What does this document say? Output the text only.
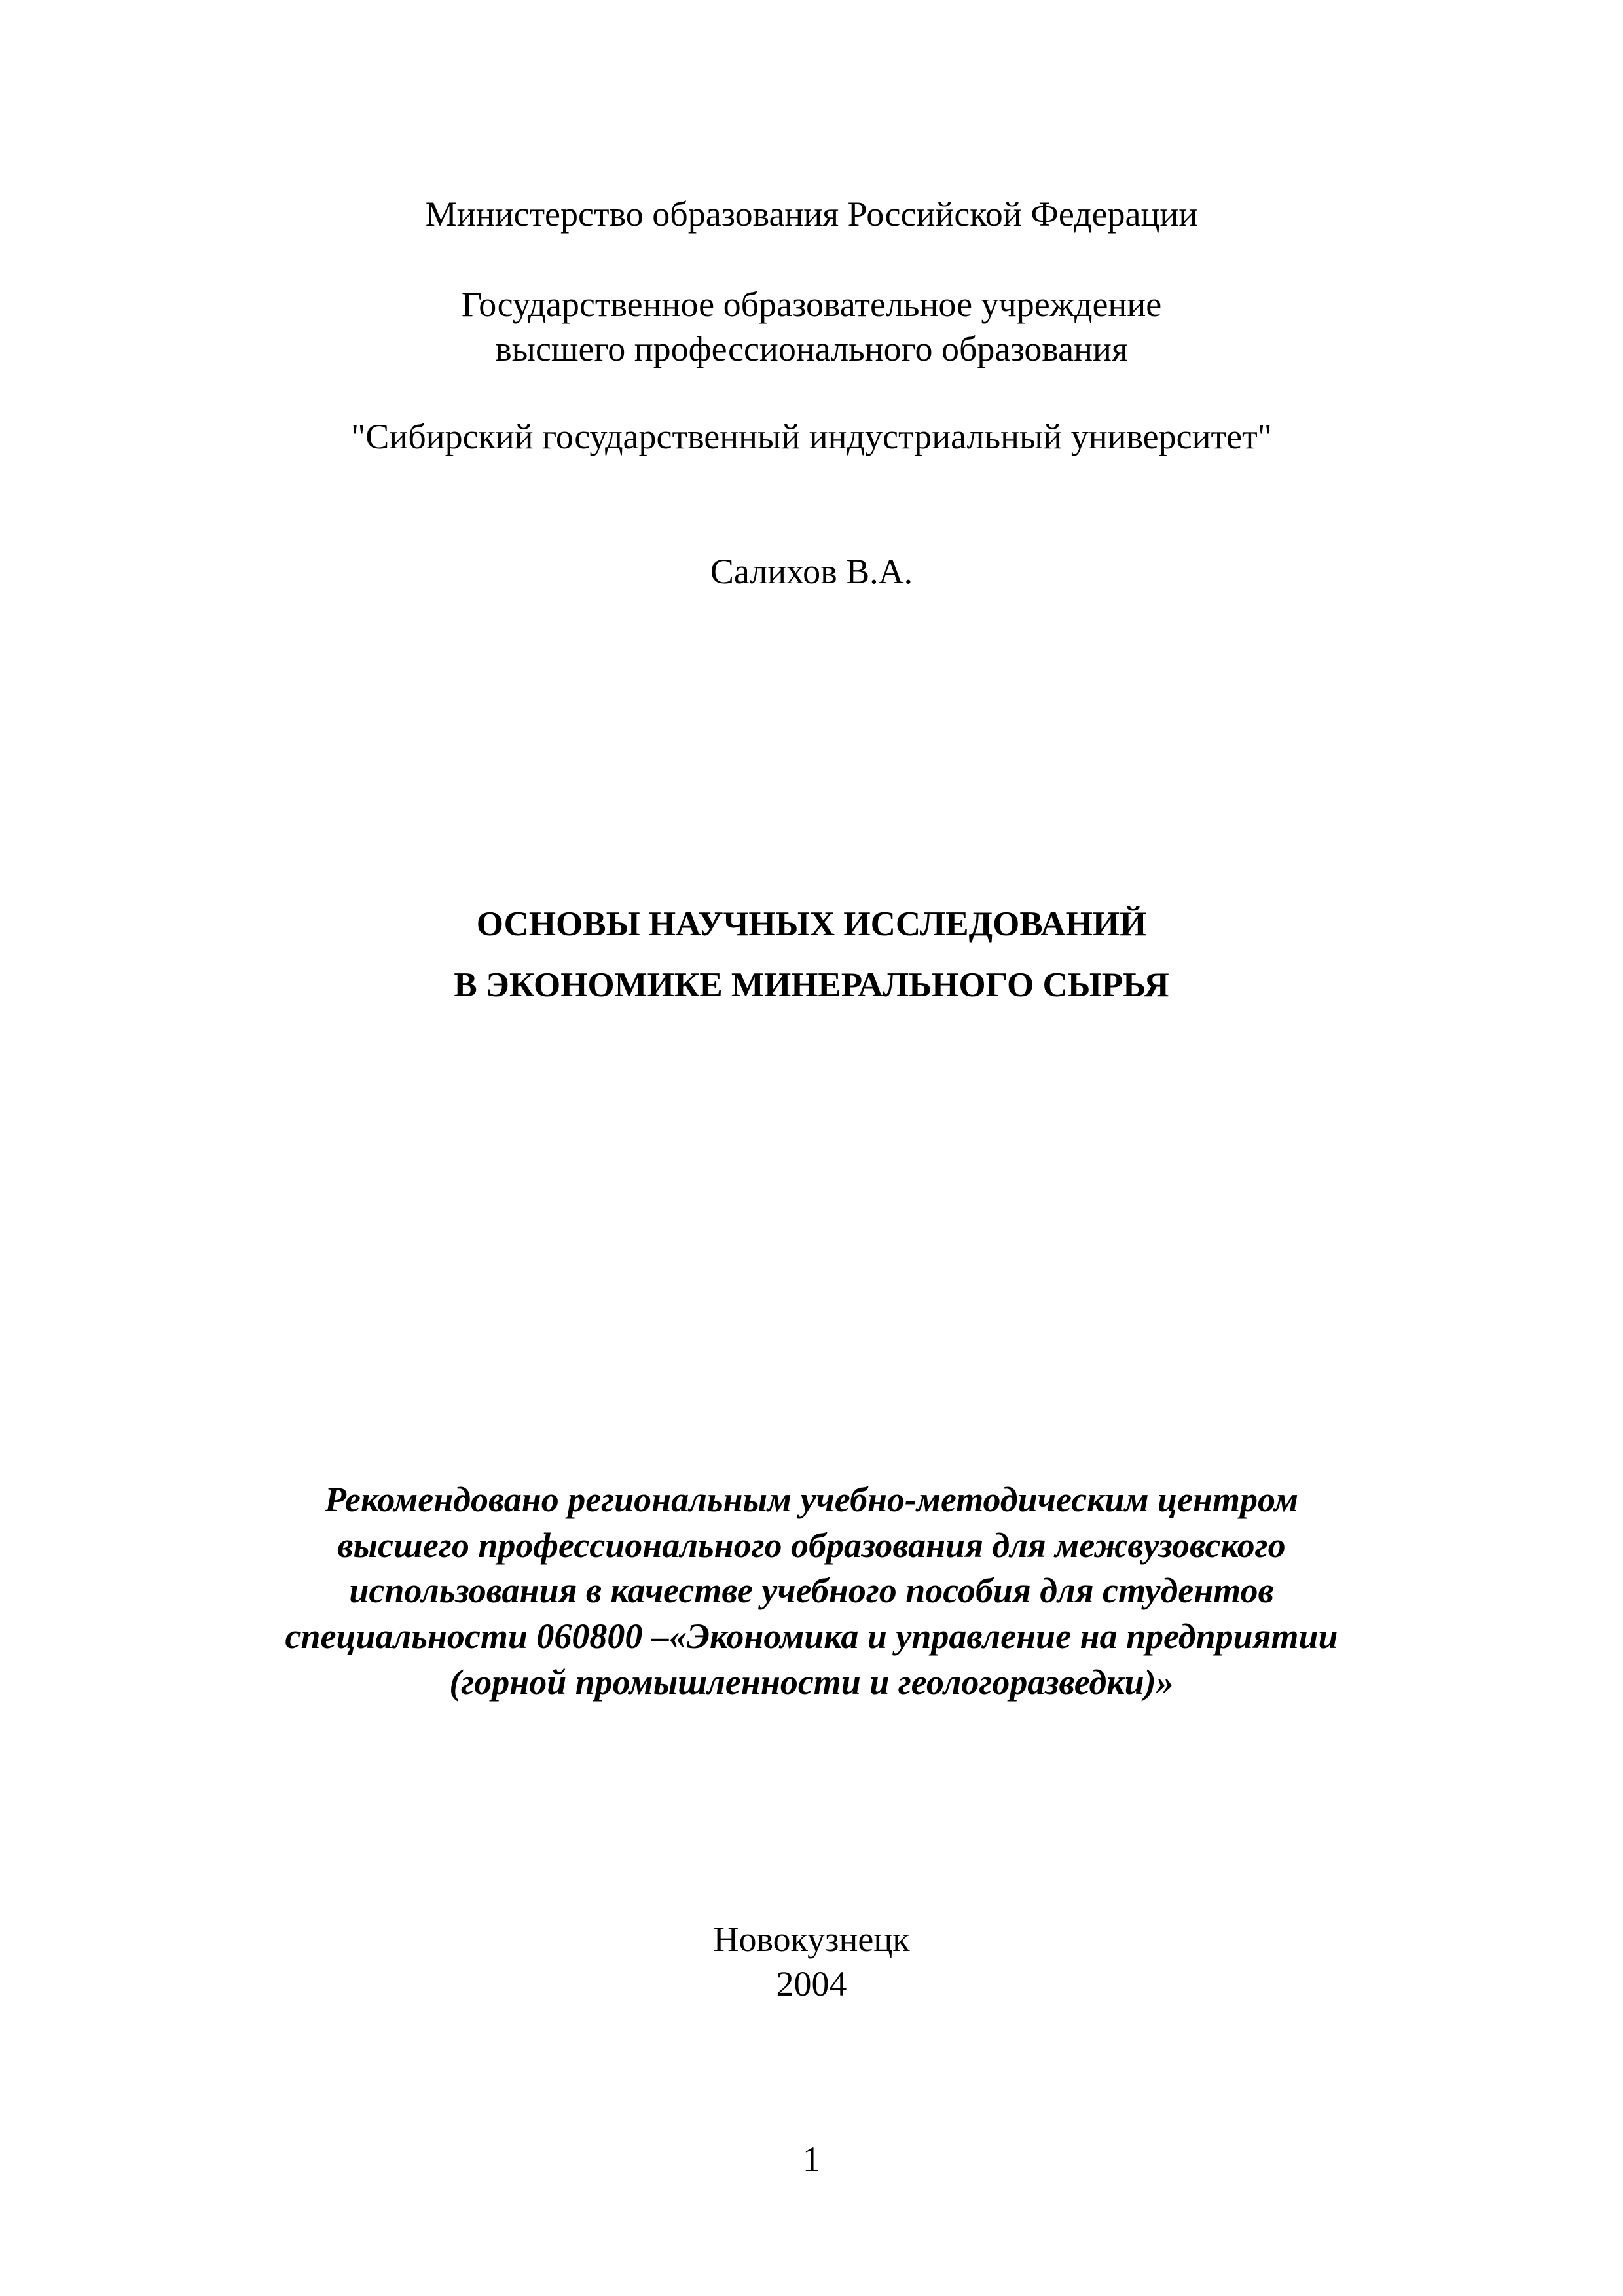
Министерство образования Российской Федерации
Государственное образовательное учреждение
высшего профессионального образования
"Сибирский государственный индустриальный университет"
Салихов В.А.
ОСНОВЫ НАУЧНЫХ ИССЛЕДОВАНИЙ
В ЭКОНОМИКЕ МИНЕРАЛЬНОГО СЫРЬЯ
Рекомендовано региональным учебно-методическим центром
высшего профессионального образования для межвузовского
использования в качестве учебного пособия для студентов
специальности 060800 –«Экономика и управление на предприятии
(горной промышленности и геологоразведки)»
Новокузнецк
2004
1
